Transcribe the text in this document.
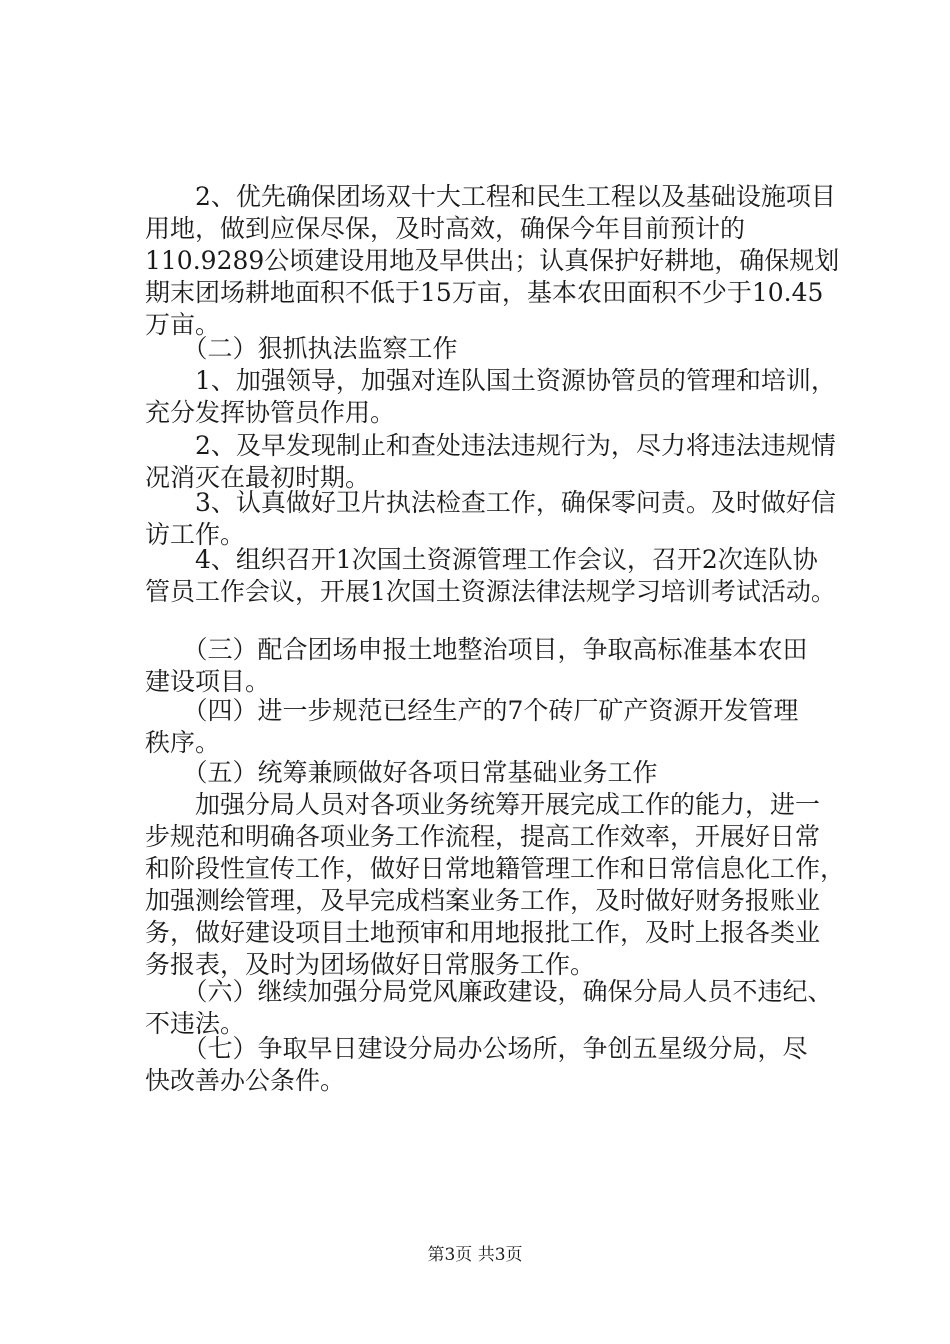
　　2、优先确保团场双十大工程和民生工程以及基础设施项目
用地，做到应保尽保，及时高效，确保今年目前预计的
110.9289公顷建设用地及早供出；认真保护好耕地，确保规划
期末团场耕地面积不低于15万亩，基本农田面积不少于10.45
万亩。
　　（二）狠抓执法监察工作
　　1、加强领导，加强对连队国土资源协管员的管理和培训，
充分发挥协管员作用。
　　2、及早发现制止和查处违法违规行为，尽力将违法违规情
况消灭在最初时期。
　　3、认真做好卫片执法检查工作，确保零问责。及时做好信
访工作。
　　4、组织召开1次国土资源管理工作会议，召开2次连队协
管员工作会议，开展1次国土资源法律法规学习培训考试活动。
　　（三）配合团场申报土地整治项目，争取高标准基本农田
建设项目。
　　（四）进一步规范已经生产的7个砖厂矿产资源开发管理
秩序。
　　（五）统筹兼顾做好各项日常基础业务工作
　　加强分局人员对各项业务统筹开展完成工作的能力，进一
步规范和明确各项业务工作流程，提高工作效率，开展好日常
和阶段性宣传工作，做好日常地籍管理工作和日常信息化工作，
加强测绘管理，及早完成档案业务工作，及时做好财务报账业
务，做好建设项目土地预审和用地报批工作，及时上报各类业
务报表，及时为团场做好日常服务工作。
　　（六）继续加强分局党风廉政建设，确保分局人员不违纪、
不违法。
　　（七）争取早日建设分局办公场所，争创五星级分局，尽
快改善办公条件。
第3页 共3页
